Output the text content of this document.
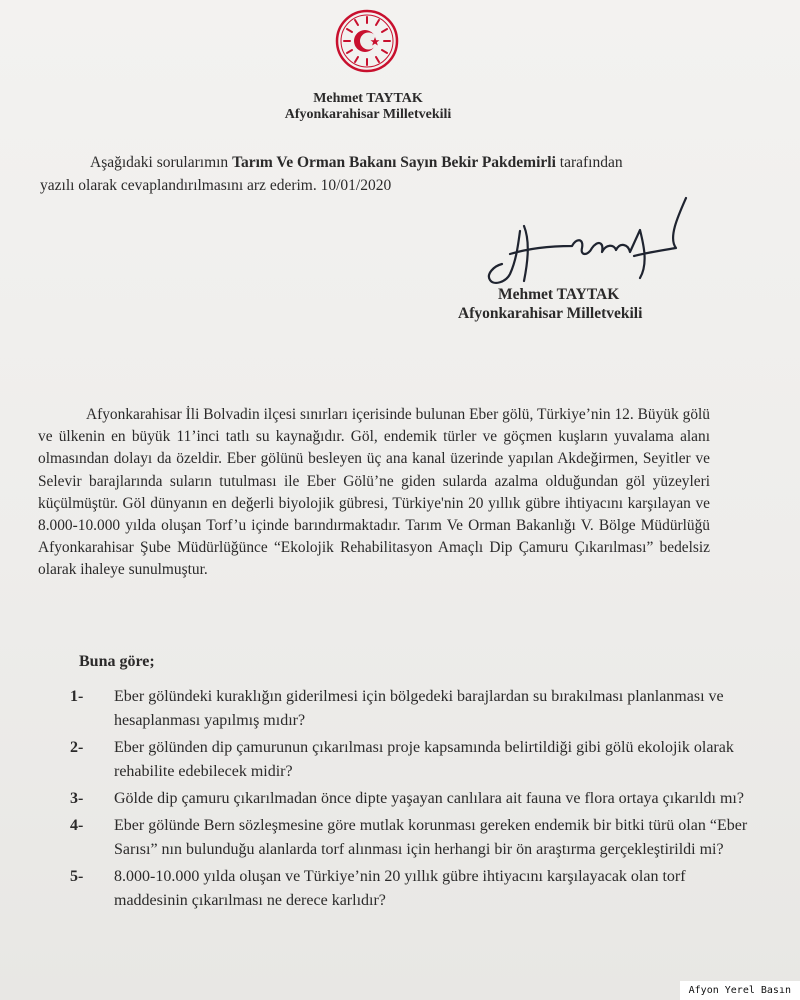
Mehmet TAYTAK
Afyonkarahisar Milletvekili
Aşağıdaki sorularımın Tarım Ve Orman Bakanı Sayın Bekir Pakdemirli tarafından
yazılı olarak cevaplandırılmasını arz ederim. 10/01/2020
Mehmet TAYTAK
Afyonkarahisar Milletvekili

Afyonkarahisar İli Bolvadin ilçesi sınırları içerisinde bulunan Eber gölü, Türkiye’nin 12. Büyük gölü ve ülkenin en büyük 11’inci tatlı su kaynağıdır. Göl, endemik türler ve göçmen kuşların yuvalama alanı olmasından dolayı da özeldir. Eber gölünü besleyen üç ana kanal üzerinde yapılan Akdeğirmen, Seyitler ve Selevir barajlarında suların tutulması ile Eber Gölü’ne giden sularda azalma olduğundan göl yüzeyleri küçülmüştür. Göl dünyanın en değerli biyolojik gübresi, Türkiye'nin 20 yıllık gübre ihtiyacını karşılayan ve 8.000-10.000 yılda oluşan Torf’u içinde barındırmaktadır. Tarım Ve Orman Bakanlığı V. Bölge Müdürlüğü Afyonkarahisar Şube Müdürlüğünce “Ekolojik Rehabilitasyon Amaçlı Dip Çamuru Çıkarılması” bedelsiz olarak ihaleye sunulmuştur.

Buna göre;

1- Eber gölündeki kuraklığın giderilmesi için bölgedeki barajlardan su bırakılması planlanması ve hesaplanması yapılmış mıdır?
2- Eber gölünden dip çamurunun çıkarılması proje kapsamında belirtildiği gibi gölü ekolojik olarak rehabilite edebilecek midir?
3- Gölde dip çamuru çıkarılmadan önce dipte yaşayan canlılara ait fauna ve flora ortaya çıkarıldı mı?
4- Eber gölünde Bern sözleşmesine göre mutlak korunması gereken endemik bir bitki türü olan “Eber Sarısı” nın bulunduğu alanlarda torf alınması için herhangi bir ön araştırma gerçekleştirildi mi?
5- 8.000-10.000 yılda oluşan ve Türkiye’nin 20 yıllık gübre ihtiyacını karşılayacak olan torf maddesinin çıkarılması ne derece karlıdır?
Afyon Yerel Basın
